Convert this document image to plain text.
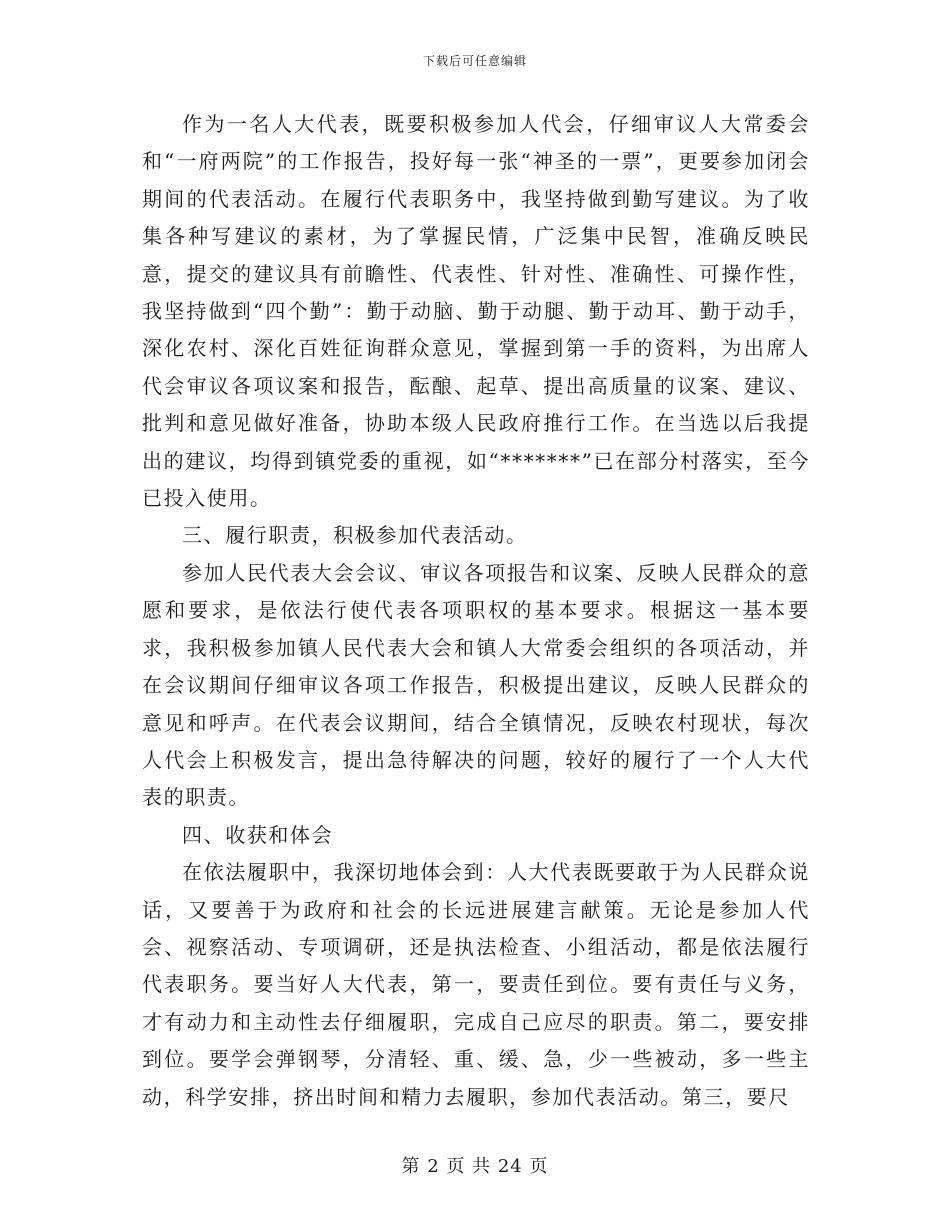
下载后可任意编辑

作为一名人大代表，既要积极参加人代会，仔细审议人大常委会和“一府两院”的工作报告，投好每一张“神圣的一票”，更要参加闭会期间的代表活动。在履行代表职务中，我坚持做到勤写建议。为了收集各种写建议的素材，为了掌握民情，广泛集中民智，准确反映民意，提交的建议具有前瞻性、代表性、针对性、准确性、可操作性，我坚持做到“四个勤”：勤于动脑、勤于动腿、勤于动耳、勤于动手，深化农村、深化百姓征询群众意见，掌握到第一手的资料，为出席人代会审议各项议案和报告，酝酿、起草、提出高质量的议案、建议、批判和意见做好准备，协助本级人民政府推行工作。在当选以后我提出的建议，均得到镇党委的重视，如“*******”已在部分村落实，至今已投入使用。

三、履行职责，积极参加代表活动。

参加人民代表大会会议、审议各项报告和议案、反映人民群众的意愿和要求，是依法行使代表各项职权的基本要求。根据这一基本要求，我积极参加镇人民代表大会和镇人大常委会组织的各项活动，并在会议期间仔细审议各项工作报告，积极提出建议，反映人民群众的意见和呼声。在代表会议期间，结合全镇情况，反映农村现状，每次人代会上积极发言，提出急待解决的问题，较好的履行了一个人大代表的职责。

四、收获和体会

在依法履职中，我深切地体会到：人大代表既要敢于为人民群众说话，又要善于为政府和社会的长远进展建言献策。无论是参加人代会、视察活动、专项调研，还是执法检查、小组活动，都是依法履行代表职务。要当好人大代表，第一，要责任到位。要有责任与义务，才有动力和主动性去仔细履职，完成自己应尽的职责。第二，要安排到位。要学会弹钢琴，分清轻、重、缓、急，少一些被动，多一些主动，科学安排，挤出时间和精力去履职，参加代表活动。第三，要尺

第 2 页 共 24 页
